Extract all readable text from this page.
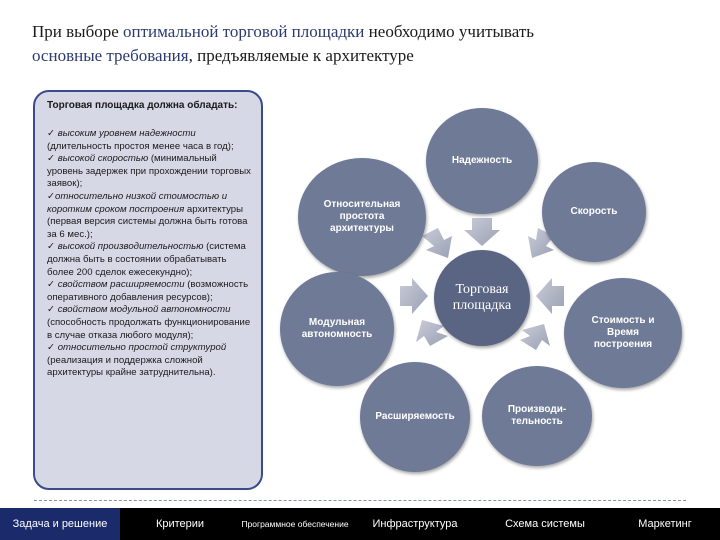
При выборе оптимальной торговой площадки необходимо учитывать
основные требования, предъявляемые к архитектуре
Торговая площадка должна обладать:

✓ высоким уровнем надежности (длительность простоя менее часа в год);

✓ высокой скоростью (минимальный уровень задержек при прохождении торговых заявок);

✓относительно низкой стоимостью и коротким сроком построения архитектуры (первая версия системы должна быть готова за 6 мес.);

✓ высокой производительностью (система должна быть в состоянии обрабатывать более 200 сделок ежесекундно);

✓ свойством расширяемости (возможность оперативного добавления ресурсов);

✓ свойством модульной автономности (способность продолжать функционирование в случае отказа любого модуля);

✓ относительно простой структурой (реализация и поддержка сложной архитектуры крайне затруднительна).

Торговая площадка
Надежность
Относительная простота архитектуры
Скорость
Модульная автономность
Стоимость и Время построения
Расширяемость
Производи-тельность
Задача и решение	Критерии	Программное обеспечение Инфраструктура	Схема системы	Маркетинг
